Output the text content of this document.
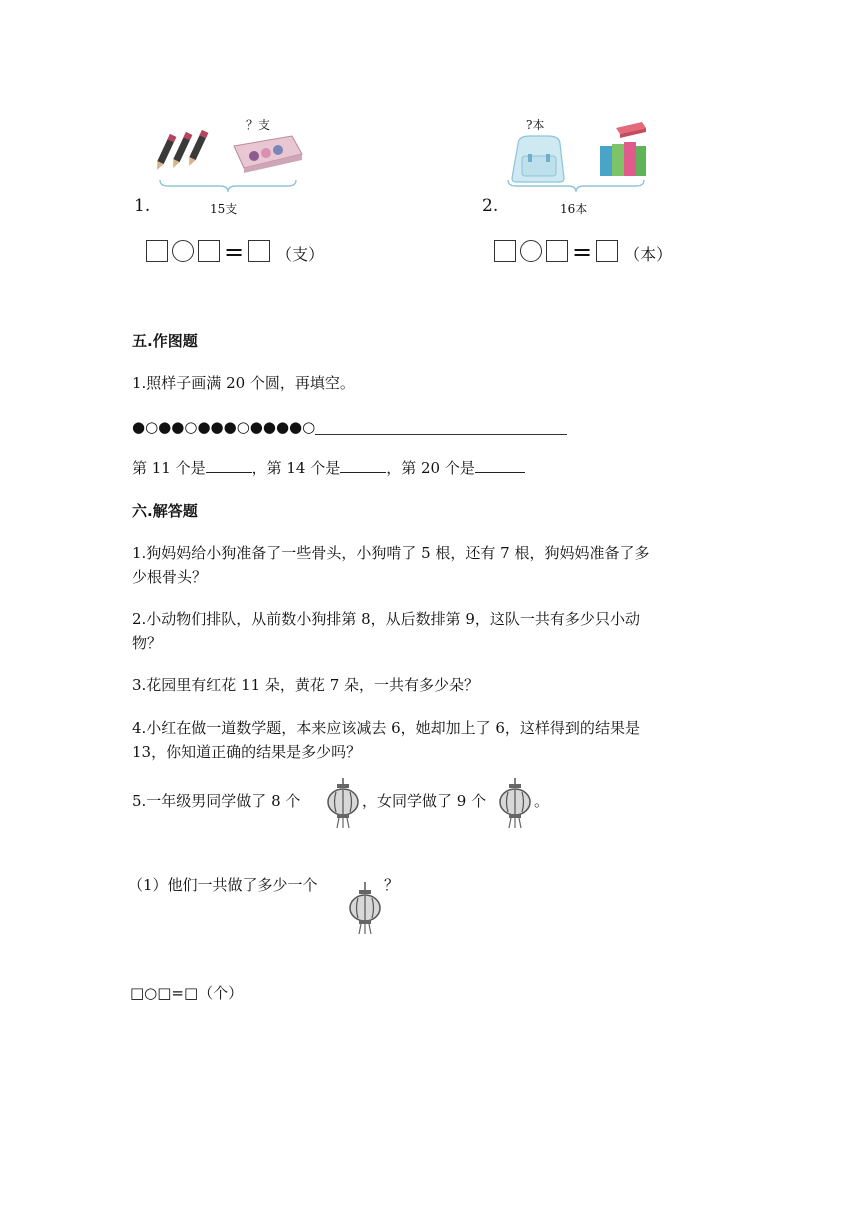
？支
1.	15支
= （支）
?本
2.	16本
= （本）
五.作图题
1.照样子画满 20 个圆，再填空。
●○●●○●●●○●●●●○
第 11 个是	，第 14 个是	，第 20 个是
六.解答题
1.狗妈妈给小狗准备了一些骨头，小狗啃了 5 根，还有 7 根，狗妈妈准备了多
少根骨头？
2.小动物们排队，从前数小狗排第 8，从后数排第 9，这队一共有多少只小动
物？
3.花园里有红花 11 朵，黄花 7 朵，一共有多少朵？
4.小红在做一道数学题，本来应该减去 6，她却加上了 6，这样得到的结果是
13，你知道正确的结果是多少吗？
5.一年级男同学做了 8 个	，女同学做了 9 个	。
（1）他们一共做了多少一个	？
□○□=□（个）
